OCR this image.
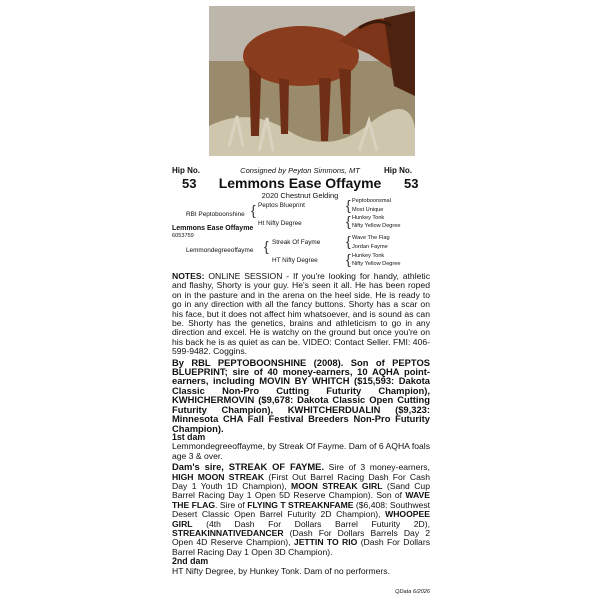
Consigned by Peyton Simmons, MT
Hip No.	Hip No.
53	53
Lemmons Ease Offayme
2020 Chestnut Gelding
RBI Peptoboonshine { Peptos Blueprint
Ht Nifty Degree
{ Peptoboonsmal
Most Unique
{ Hunkey Tonk
Nifty Yellow Degree
Lemmons Ease Offayme
6053759
Lemmondegreeoffayme { Streak Of Fayme
HT Nifty Degree
{ Wave The Flag
Jordan Fayme
{ Hunkey Tonk
Nifty Yellow Degree

NOTES: ONLINE SESSION - If you're looking for handy, athletic and flashy, Shorty is your guy. He's seen it all. He has been roped on in the pasture and in the arena on the heel side. He is ready to go in any direction with all the fancy buttons. Shorty has a scar on his face, but it does not affect him whatsoever, and is sound as can be. Shorty has the genetics, brains and athleticism to go in any direction and excel. He is watchy on the ground but once you're on his back he is as quiet as can be. VIDEO: Contact Seller. FMI: 406-599-9482. Coggins.

By RBL PEPTOBOONSHINE (2008). Son of PEPTOS BLUEPRINT; sire of 40 money-earners, 10 AQHA point-earners, including MOVIN BY WHITCH ($15,593: Dakota Classic Non-Pro Cutting Futurity Champion), KWHICHERMOVIN ($9,678: Dakota Classic Open Cutting Futurity Champion), KWHITCHERDUALIN ($9,323: Minnesota CHA Fall Festival Breeders Non-Pro Futurity Champion).

1st dam

Lemmondegreeoffayme, by Streak Of Fayme. Dam of 6 AQHA foals age 3 & over.

Dam's sire, STREAK OF FAYME. Sire of 3 money-earners, HIGH MOON STREAK (First Out Barrel Racing Dash For Cash Day 1 Youth 1D Champion), MOON STREAK GIRL (Sand Cup Barrel Racing Day 1 Open 5D Reserve Champion). Son of WAVE THE FLAG. Sire of FLYING T STREAKNFAME ($6,408: Southwest Desert Classic Open Barrel Futurity 2D Champion), WHOOPEE GIRL (4th Dash For Dollars Barrel Futurity 2D), STREAKINNATIVEDANCER (Dash For Dollars Barrels Day 2 Open 4D Reserve Champion), JETTIN TO RIO (Dash For Dollars Barrel Racing Day 1 Open 3D Champion).

2nd dam

HT Nifty Degree, by Hunkey Tonk. Dam of no performers.

QData 6/2026
